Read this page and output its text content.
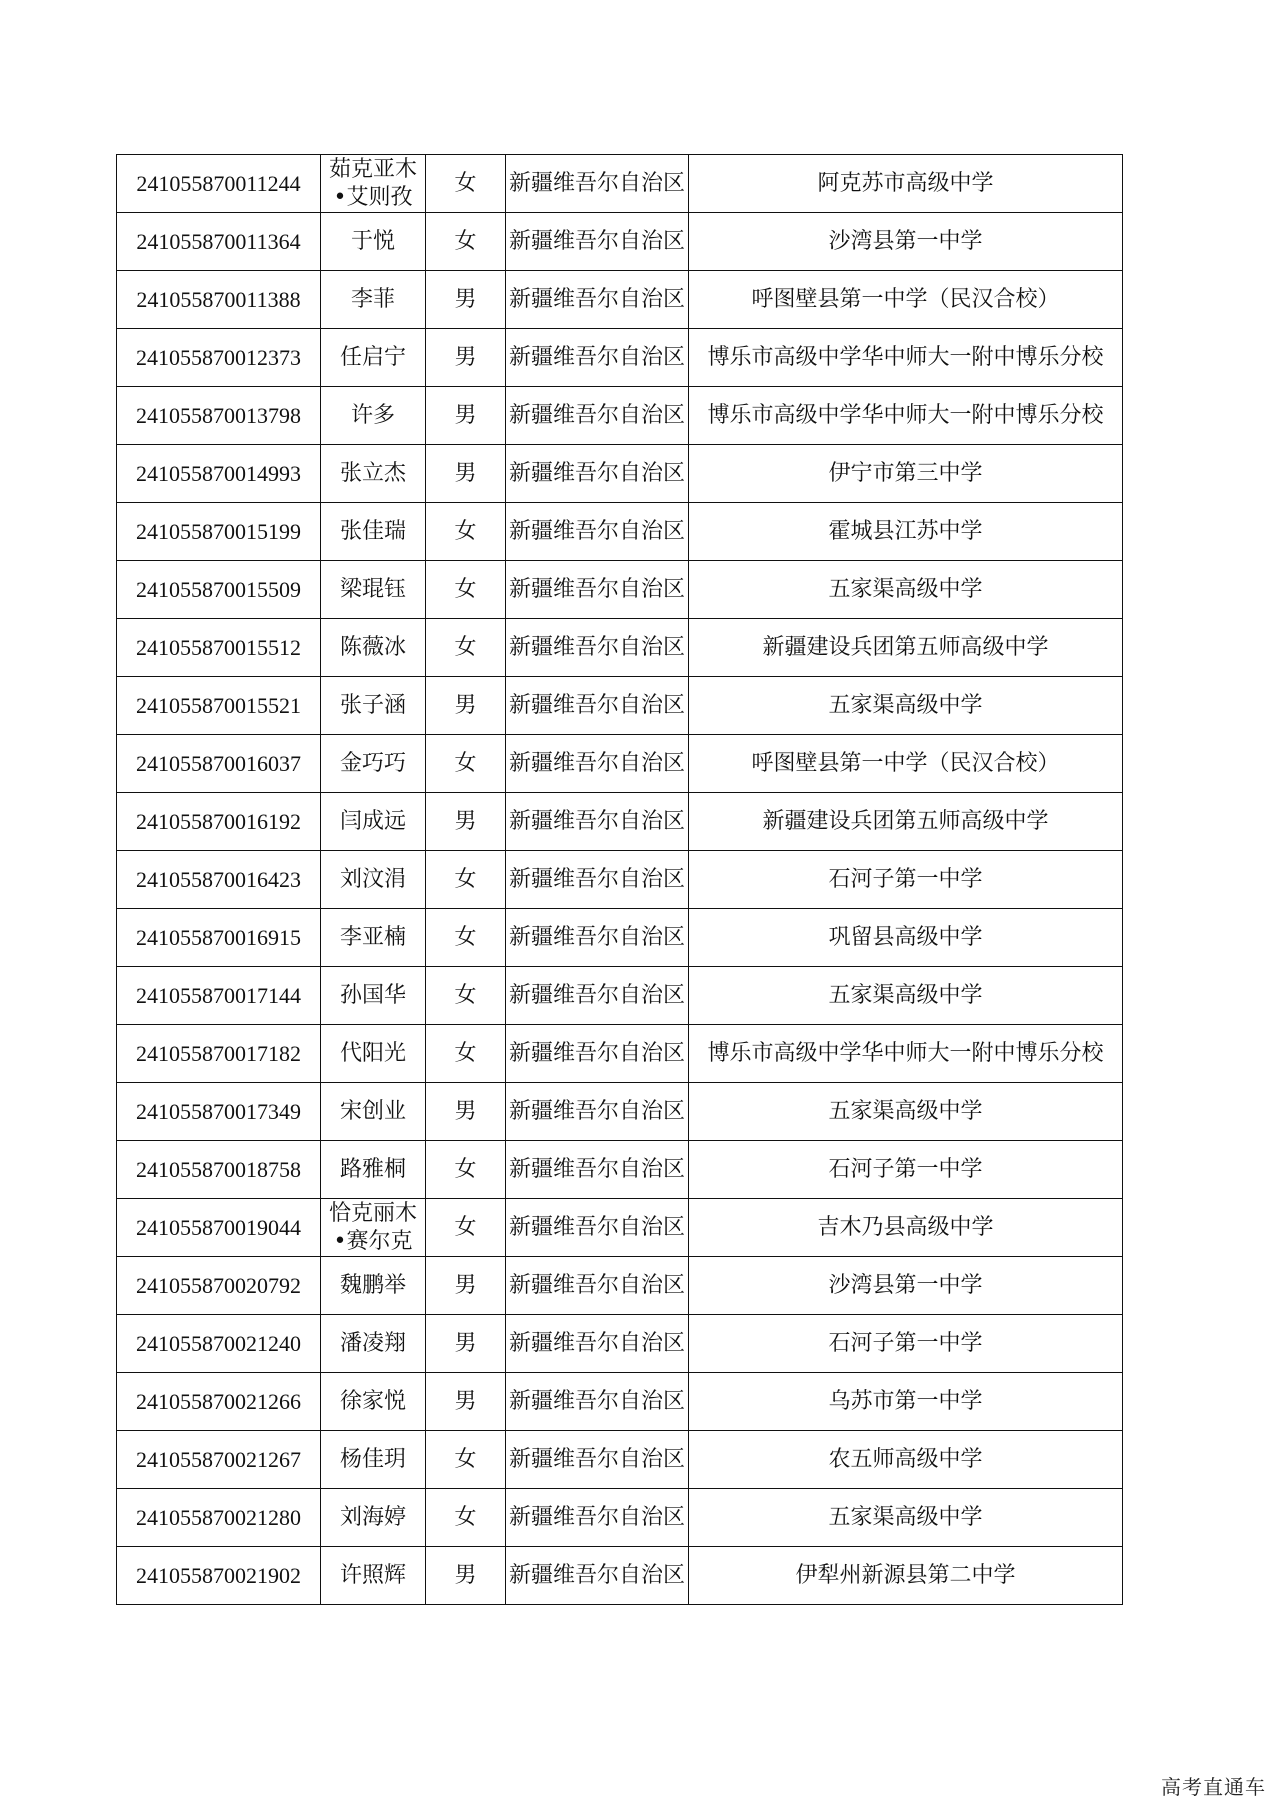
241055870011244	茹克亚木•艾则孜	女	新疆维吾尔自治区	阿克苏市高级中学
241055870011364	于悦	女	新疆维吾尔自治区	沙湾县第一中学
241055870011388	李菲	男	新疆维吾尔自治区	呼图壁县第一中学（民汉合校）
241055870012373	任启宁	男	新疆维吾尔自治区	博乐市高级中学华中师大一附中博乐分校
241055870013798	许多	男	新疆维吾尔自治区	博乐市高级中学华中师大一附中博乐分校
241055870014993	张立杰	男	新疆维吾尔自治区	伊宁市第三中学
241055870015199	张佳瑞	女	新疆维吾尔自治区	霍城县江苏中学
241055870015509	梁琨钰	女	新疆维吾尔自治区	五家渠高级中学
241055870015512	陈薇冰	女	新疆维吾尔自治区	新疆建设兵团第五师高级中学
241055870015521	张子涵	男	新疆维吾尔自治区	五家渠高级中学
241055870016037	金巧巧	女	新疆维吾尔自治区	呼图壁县第一中学（民汉合校）
241055870016192	闫成远	男	新疆维吾尔自治区	新疆建设兵团第五师高级中学
241055870016423	刘汶涓	女	新疆维吾尔自治区	石河子第一中学
241055870016915	李亚楠	女	新疆维吾尔自治区	巩留县高级中学
241055870017144	孙国华	女	新疆维吾尔自治区	五家渠高级中学
241055870017182	代阳光	女	新疆维吾尔自治区	博乐市高级中学华中师大一附中博乐分校
241055870017349	宋创业	男	新疆维吾尔自治区	五家渠高级中学
241055870018758	路雅桐	女	新疆维吾尔自治区	石河子第一中学
241055870019044	恰克丽木•赛尔克	女	新疆维吾尔自治区	吉木乃县高级中学
241055870020792	魏鹏举	男	新疆维吾尔自治区	沙湾县第一中学
241055870021240	潘凌翔	男	新疆维吾尔自治区	石河子第一中学
241055870021266	徐家悦	男	新疆维吾尔自治区	乌苏市第一中学
241055870021267	杨佳玥	女	新疆维吾尔自治区	农五师高级中学
241055870021280	刘海婷	女	新疆维吾尔自治区	五家渠高级中学
241055870021902	许照辉	男	新疆维吾尔自治区	伊犁州新源县第二中学
高考直通车
